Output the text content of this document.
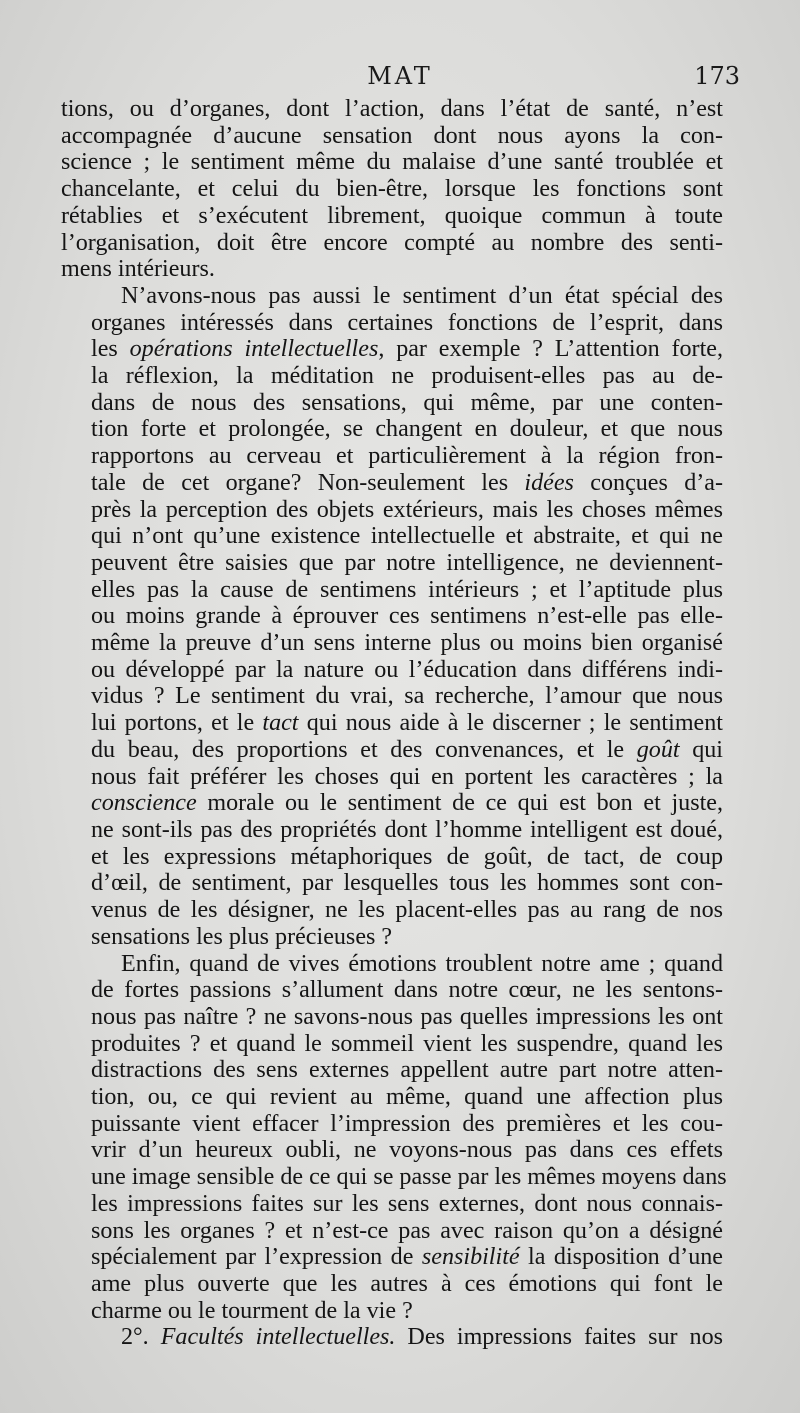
MAT	173
tions, ou d’organes, dont l’action, dans l’état de santé, n’est
accompagnée d’aucune sensation dont nous ayons la con-
science ; le sentiment même du malaise d’une santé troublée et
chancelante, et celui du bien-être, lorsque les fonctions sont
rétablies et s’exécutent librement, quoique commun à toute
l’organisation, doit être encore compté au nombre des senti-
mens intérieurs.
N’avons-nous pas aussi le sentiment d’un état spécial des
organes intéressés dans certaines fonctions de l’esprit, dans
les opérations intellectuelles, par exemple ? L’attention forte,
la réflexion, la méditation ne produisent-elles pas au de-
dans de nous des sensations, qui même, par une conten-
tion forte et prolongée, se changent en douleur, et que nous
rapportons au cerveau et particulièrement à la région fron-
tale de cet organe? Non-seulement les idées conçues d’a-
près la perception des objets extérieurs, mais les choses mêmes
qui n’ont qu’une existence intellectuelle et abstraite, et qui ne
peuvent être saisies que par notre intelligence, ne deviennent-
elles pas la cause de sentimens intérieurs ; et l’aptitude plus
ou moins grande à éprouver ces sentimens n’est-elle pas elle-
même la preuve d’un sens interne plus ou moins bien organisé
ou développé par la nature ou l’éducation dans différens indi-
vidus ? Le sentiment du vrai, sa recherche, l’amour que nous
lui portons, et le tact qui nous aide à le discerner ; le sentiment
du beau, des proportions et des convenances, et le goût qui
nous fait préférer les choses qui en portent les caractères ; la
conscience morale ou le sentiment de ce qui est bon et juste,
ne sont-ils pas des propriétés dont l’homme intelligent est doué,
et les expressions métaphoriques de goût, de tact, de coup
d’œil, de sentiment, par lesquelles tous les hommes sont con-
venus de les désigner, ne les placent-elles pas au rang de nos
sensations les plus précieuses ?
Enfin, quand de vives émotions troublent notre ame ; quand
de fortes passions s’allument dans notre cœur, ne les sentons-
nous pas naître ? ne savons-nous pas quelles impressions les ont
produites ? et quand le sommeil vient les suspendre, quand les
distractions des sens externes appellent autre part notre atten-
tion, ou, ce qui revient au même, quand une affection plus
puissante vient effacer l’impression des premières et les cou-
vrir d’un heureux oubli, ne voyons-nous pas dans ces effets
une image sensible de ce qui se passe par les mêmes moyens dans
les impressions faites sur les sens externes, dont nous connais-
sons les organes ? et n’est-ce pas avec raison qu’on a désigné
spécialement par l’expression de sensibilité la disposition d’une
ame plus ouverte que les autres à ces émotions qui font le
charme ou le tourment de la vie ?
2°. Facultés intellectuelles. Des impressions faites sur nos
